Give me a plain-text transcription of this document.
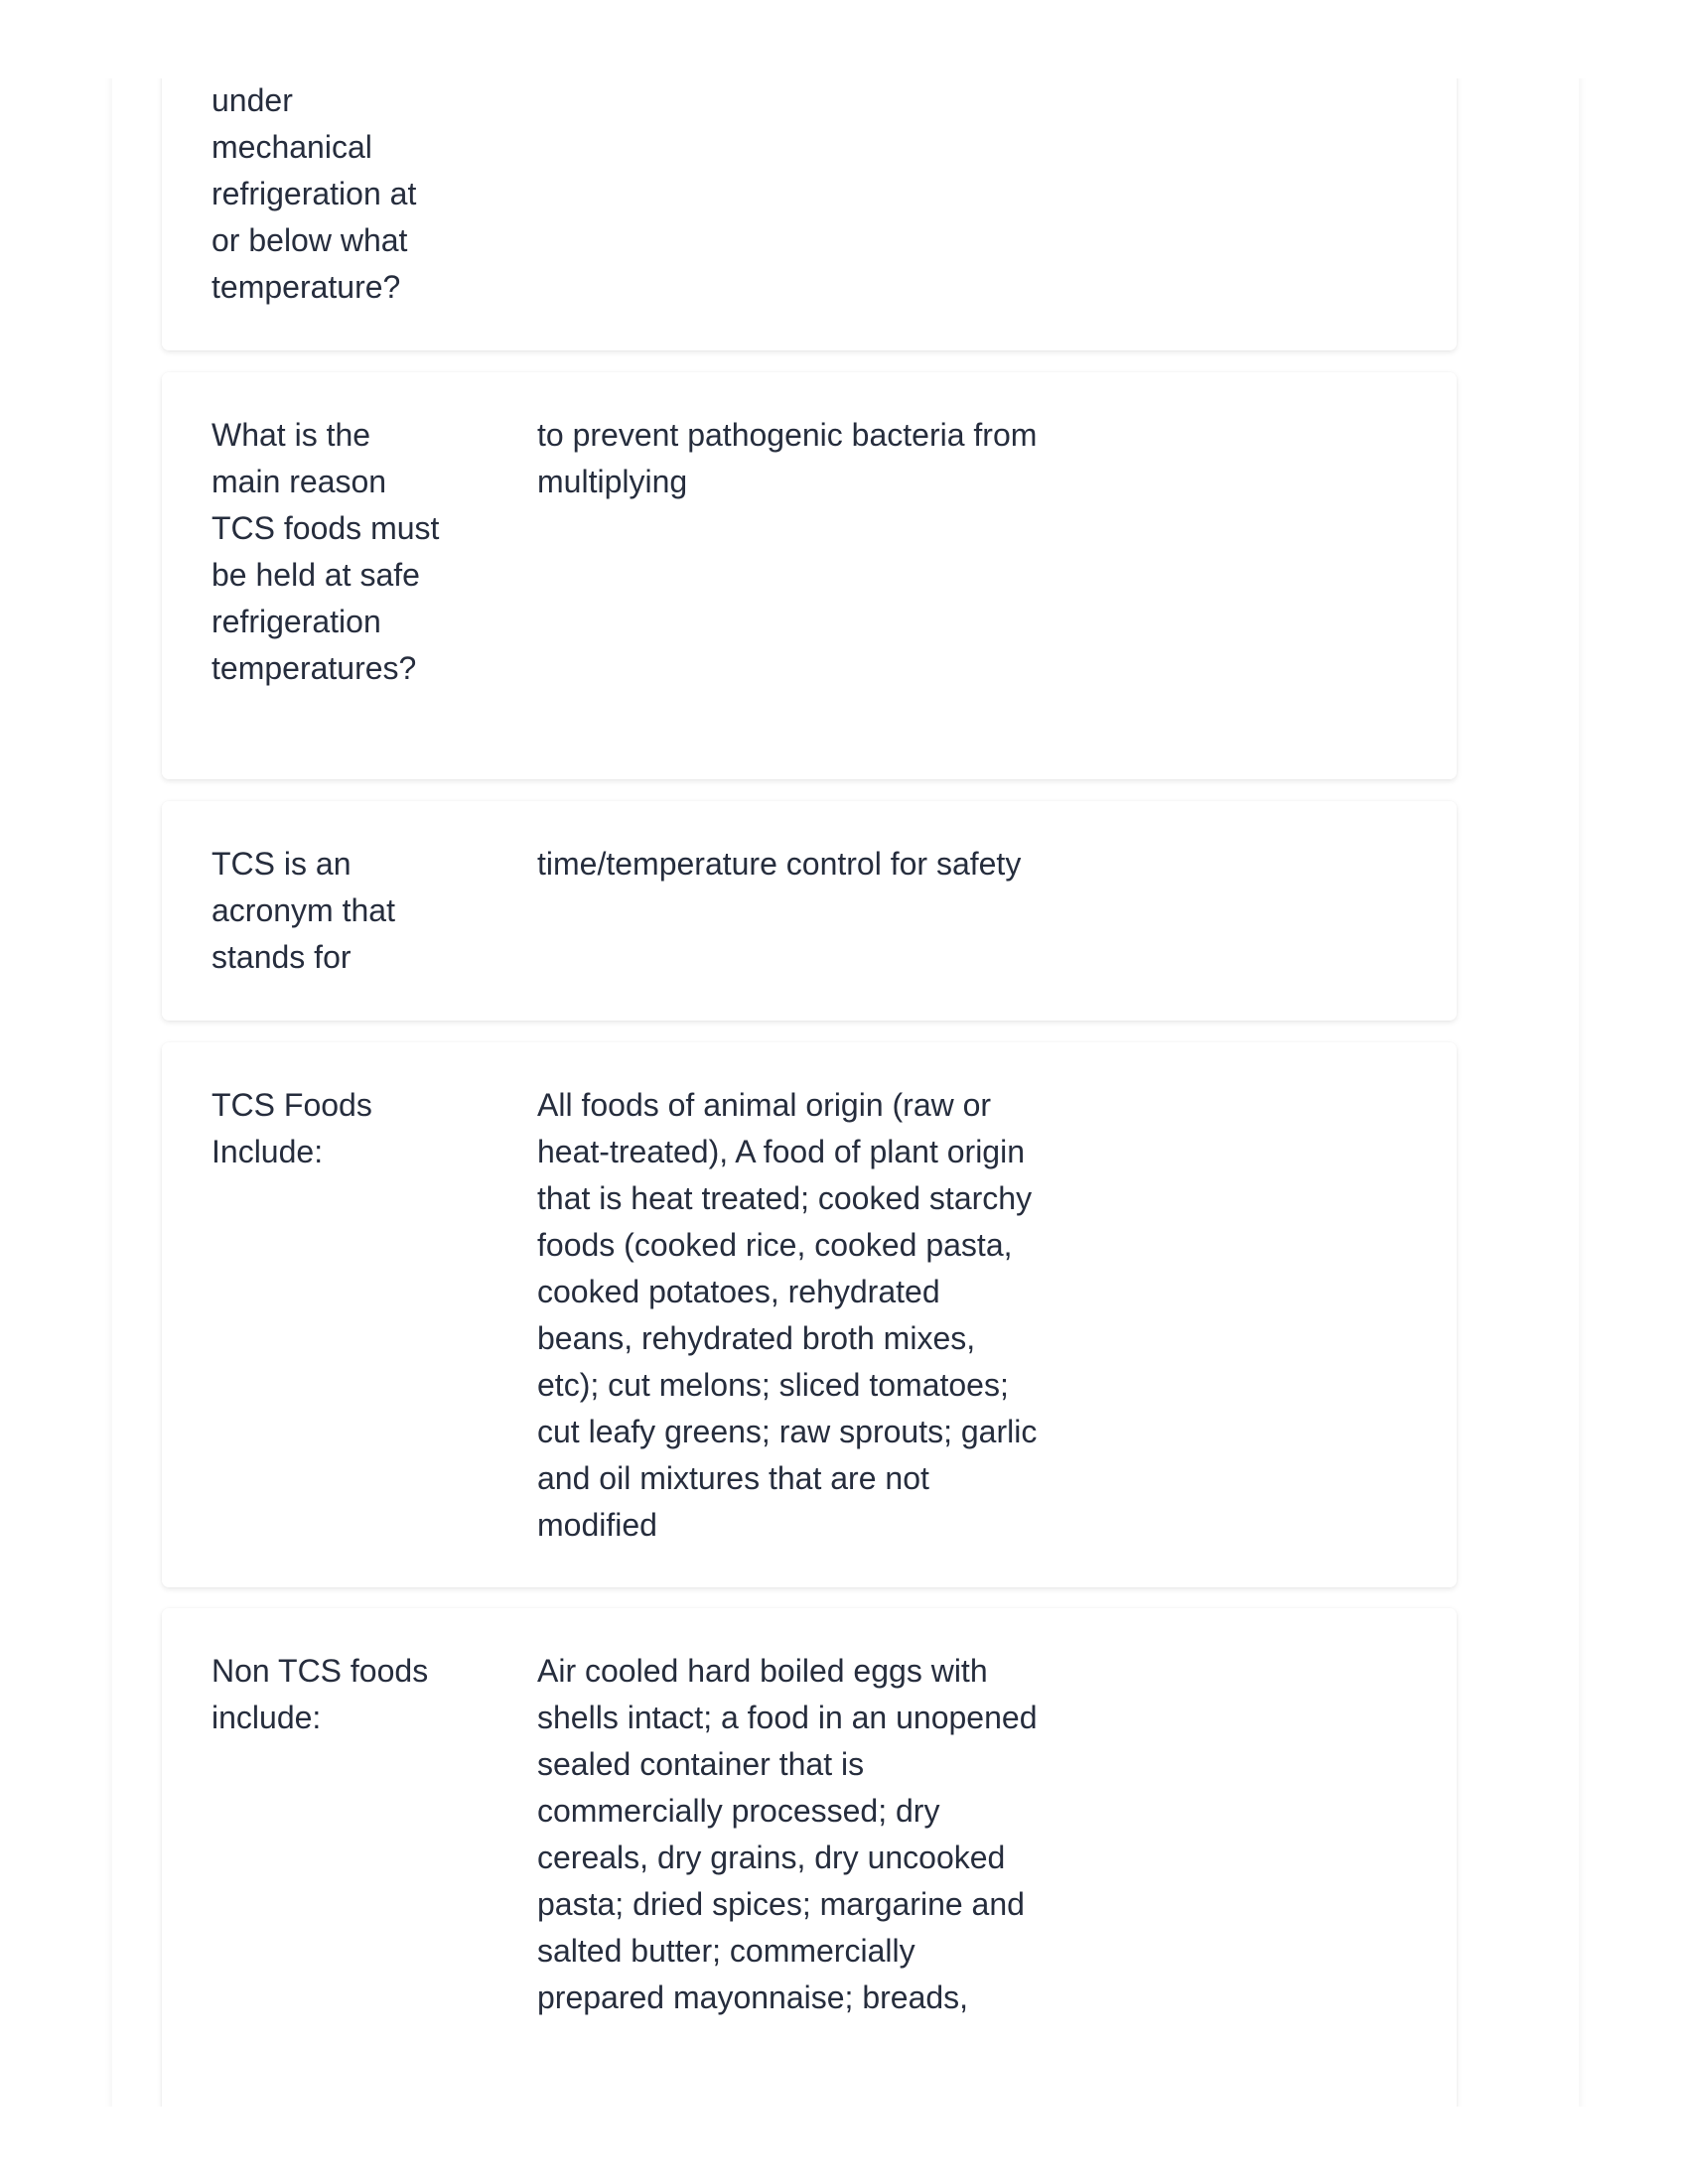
under mechanical refrigeration at or below what temperature?
What is the main reason TCS foods must be held at safe refrigeration temperatures?
to prevent pathogenic bacteria from multiplying
TCS is an acronym that stands for
time/temperature control for safety
TCS Foods Include:
All foods of animal origin (raw or heat-treated), A food of plant origin that is heat treated; cooked starchy foods (cooked rice, cooked pasta, cooked potatoes, rehydrated beans, rehydrated broth mixes, etc); cut melons; sliced tomatoes; cut leafy greens; raw sprouts; garlic and oil mixtures that are not modified
Non TCS foods include:
Air cooled hard boiled eggs with shells intact; a food in an unopened sealed container that is commercially processed; dry cereals, dry grains, dry uncooked pasta; dried spices; margarine and salted butter; commercially prepared mayonnaise; breads,
